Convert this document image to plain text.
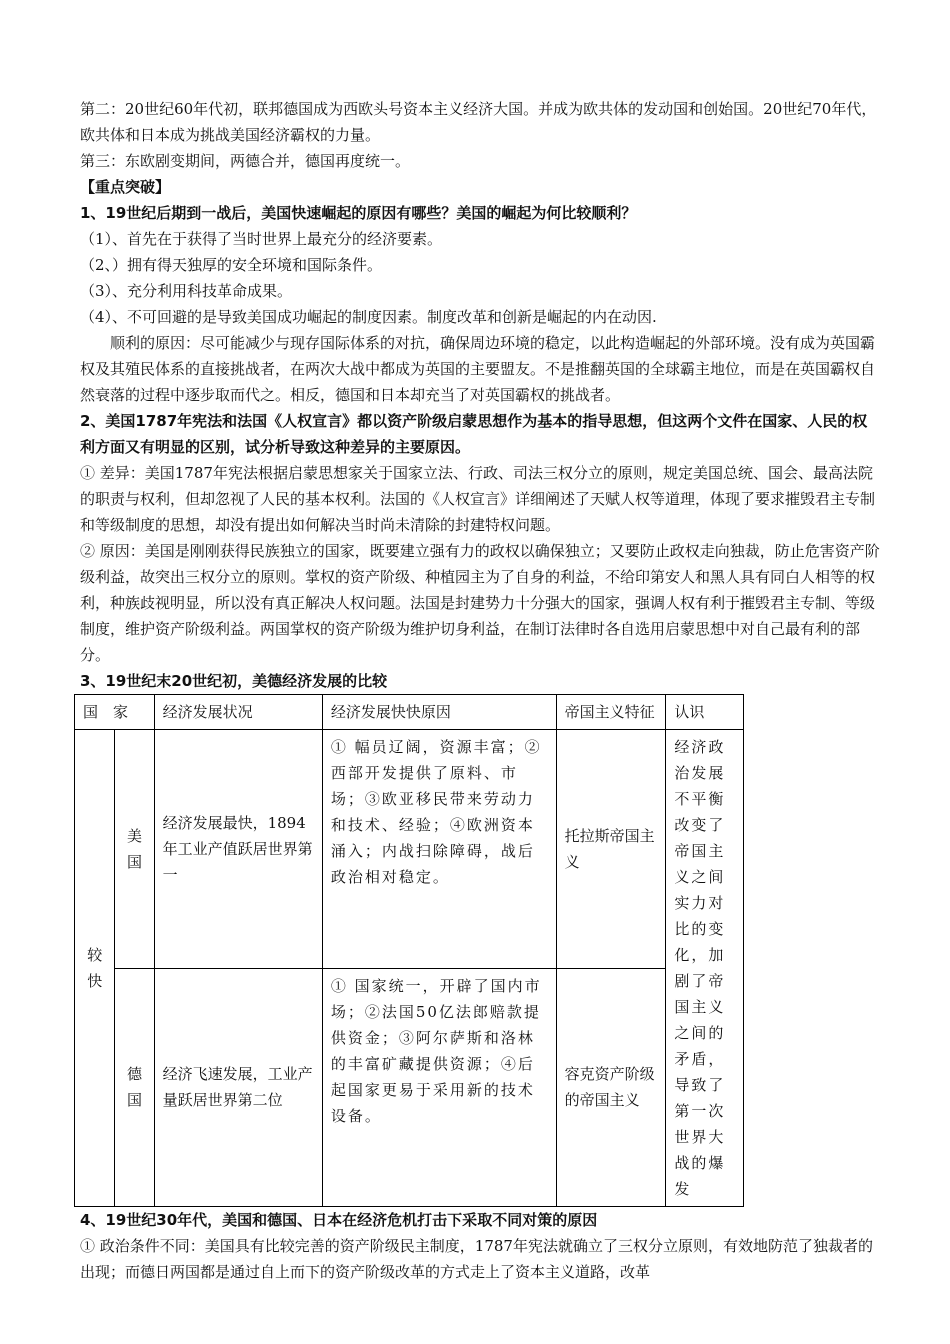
第二：20世纪60年代初，联邦德国成为西欧头号资本主义经济大国。并成为欧共体的发动国和创始国。20世纪70年代，欧共体和日本成为挑战美国经济霸权的力量。

第三：东欧剧变期间，两德合并，德国再度统一。

【重点突破】

1、19世纪后期到一战后，美国快速崛起的原因有哪些？美国的崛起为何比较顺利？

（1）、首先在于获得了当时世界上最充分的经济要素。

（2、）拥有得天独厚的安全环境和国际条件。

（3）、充分利用科技革命成果。

（4）、不可回避的是导致美国成功崛起的制度因素。制度改革和创新是崛起的内在动因.

顺利的原因：尽可能减少与现存国际体系的对抗，确保周边环境的稳定，以此构造崛起的外部环境。没有成为英国霸权及其殖民体系的直接挑战者，在两次大战中都成为英国的主要盟友。不是推翻英国的全球霸主地位，而是在英国霸权自然衰落的过程中逐步取而代之。相反，德国和日本却充当了对英国霸权的挑战者。

2、美国1787年宪法和法国《人权宣言》都以资产阶级启蒙思想作为基本的指导思想，但这两个文件在国家、人民的权利方面又有明显的区别，试分析导致这种差异的主要原因。

① 差异：美国1787年宪法根据启蒙思想家关于国家立法、行政、司法三权分立的原则，规定美国总统、国会、最高法院的职责与权利，但却忽视了人民的基本权利。法国的《人权宣言》详细阐述了天赋人权等道理，体现了要求摧毁君主专制和等级制度的思想，却没有提出如何解决当时尚未清除的封建特权问题。

② 原因：美国是刚刚获得民族独立的国家，既要建立强有力的政权以确保独立；又要防止政权走向独裁，防止危害资产阶级利益，故突出三权分立的原则。掌权的资产阶级、种植园主为了自身的利益，不给印第安人和黑人具有同白人相等的权利，种族歧视明显，所以没有真正解决人权问题。法国是封建势力十分强大的国家，强调人权有利于摧毁君主专制、等级制度，维护资产阶级利益。两国掌权的资产阶级为维护切身利益，在制订法律时各自选用启蒙思想中对自己最有利的部分。

3、19世纪末20世纪初，美德经济发展的比较

国　家		经济发展状况	经济发展快快原因	帝国主义特征	认识
较快	美国	经济发展最快，1894年工业产值跃居世界第一	① 幅员辽阔，资源丰富；②西部开发提供了原料、市场；③欧亚移民带来劳动力和技术、经验；④欧洲资本涌入；内战扫除障碍，战后政治相对稳定。	托拉斯帝国主义	经济政治发展不平衡改变了帝国主义之间实力对比的变化，加剧了帝国主义之间的矛盾，导致了第一次世界大战的爆发
	德国	经济飞速发展，工业产量跃居世界第二位	① 国家统一，开辟了国内市场；②法国50亿法郎赔款提供资金；③阿尔萨斯和洛林的丰富矿藏提供资源；④后起国家更易于采用新的技术设备。	容克资产阶级的帝国主义	

4、19世纪30年代，美国和德国、日本在经济危机打击下采取不同对策的原因

① 政治条件不同：美国具有比较完善的资产阶级民主制度，1787年宪法就确立了三权分立原则，有效地防范了独裁者的出现；而德日两国都是通过自上而下的资产阶级改革的方式走上了资本主义道路，改革
